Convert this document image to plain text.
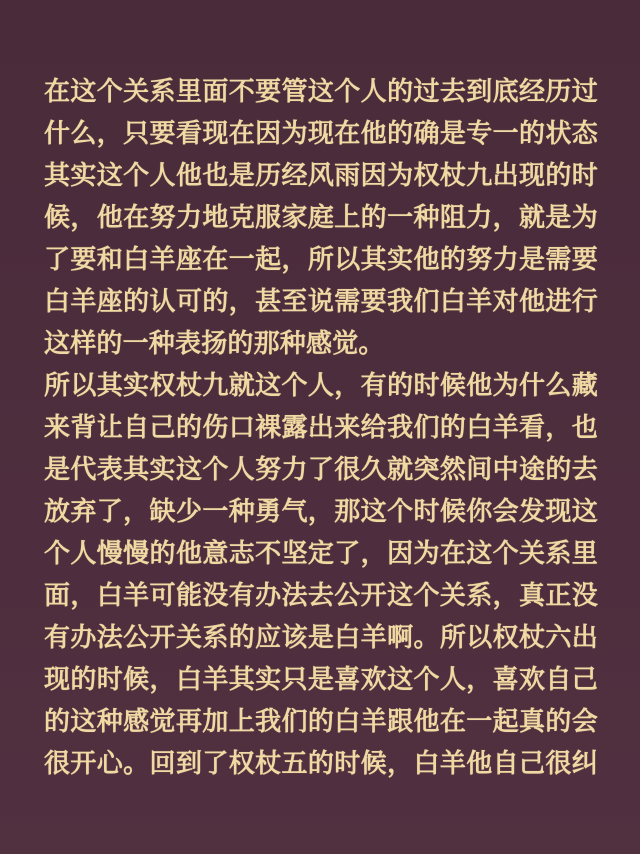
在这个关系里面不要管这个人的过去到底经历过
什么，只要看现在因为现在他的确是专一的状态
其实这个人他也是历经风雨因为权杖九出现的时
候，他在努力地克服家庭上的一种阻力，就是为
了要和白羊座在一起，所以其实他的努力是需要
白羊座的认可的，甚至说需要我们白羊对他进行
这样的一种表扬的那种感觉。
所以其实权杖九就这个人，有的时候他为什么藏
来背让自己的伤口裸露出来给我们的白羊看，也
是代表其实这个人努力了很久就突然间中途的去
放弃了，缺少一种勇气，那这个时候你会发现这
个人慢慢的他意志不坚定了，因为在这个关系里
面，白羊可能没有办法去公开这个关系，真正没
有办法公开关系的应该是白羊啊。所以权杖六出
现的时候，白羊其实只是喜欢这个人，喜欢自己
的这种感觉再加上我们的白羊跟他在一起真的会
很开心。回到了权杖五的时候，白羊他自己很纠
